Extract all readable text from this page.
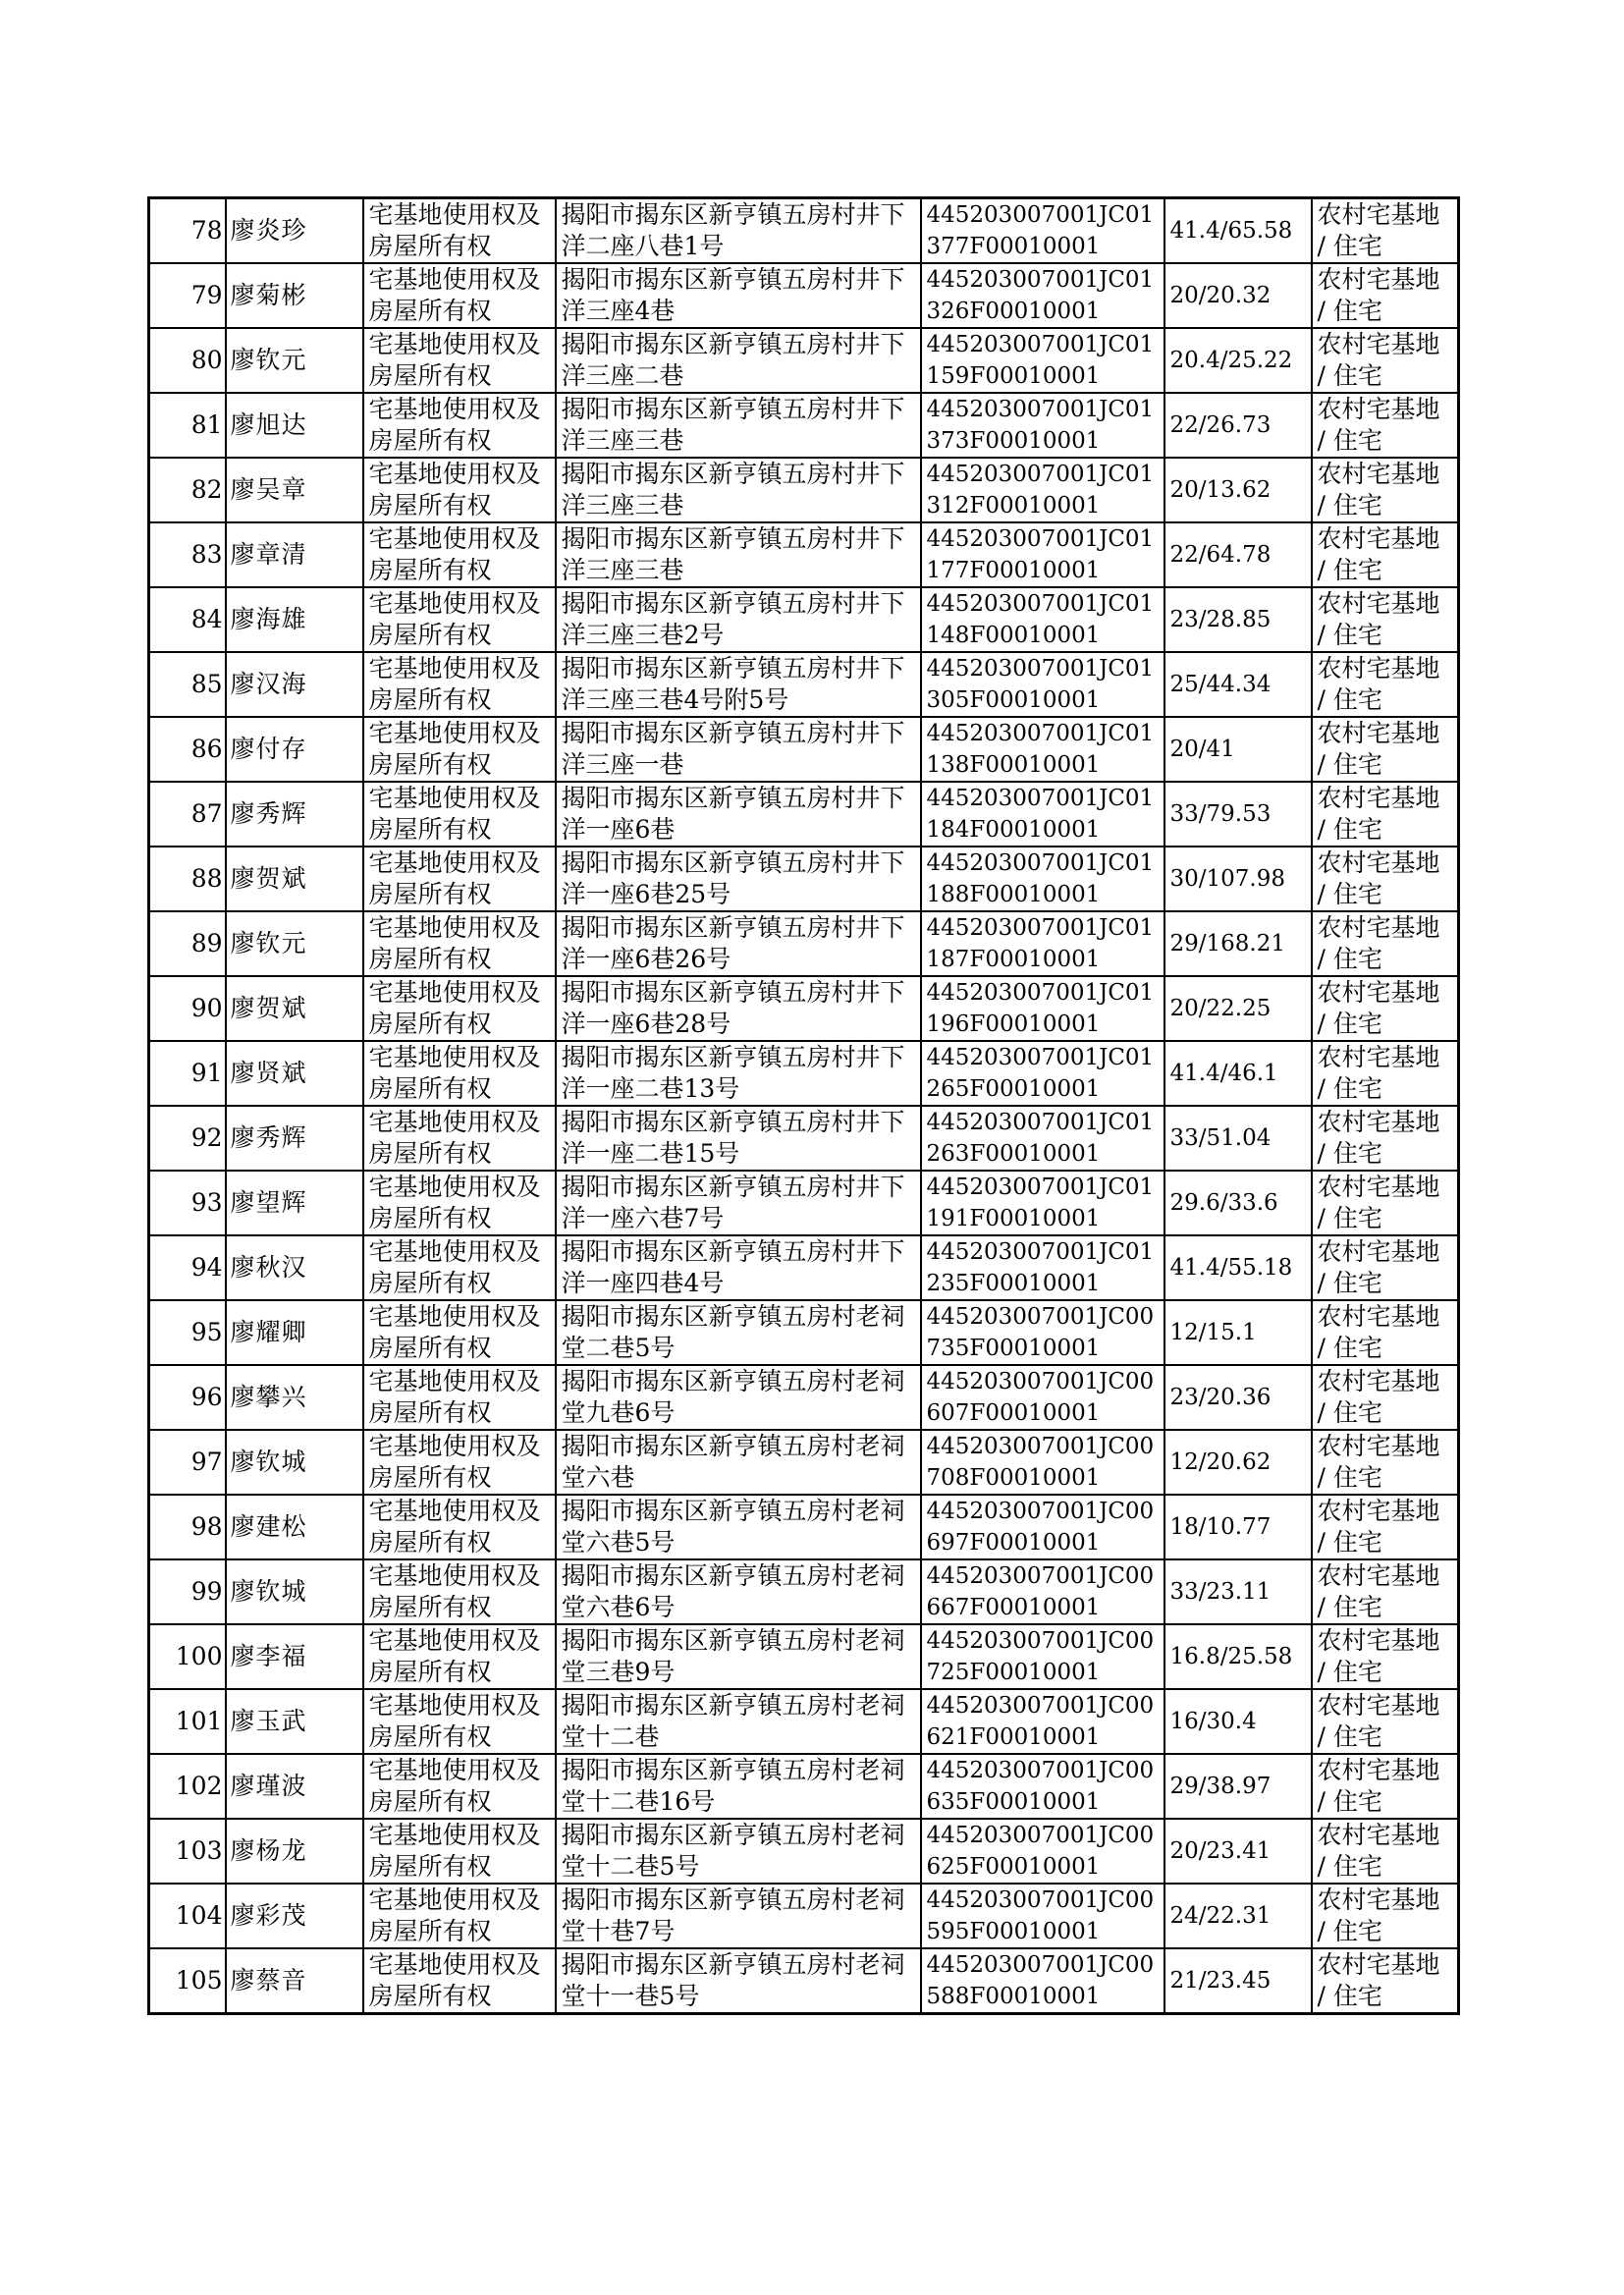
78	廖炎珍	宅基地使用权及房屋所有权	揭阳市揭东区新亨镇五房村井下洋二座八巷1号	445203007001JC01377F00010001	41.4/65.58	农村宅基地 / 住宅
79	廖菊彬	宅基地使用权及房屋所有权	揭阳市揭东区新亨镇五房村井下洋三座4巷	445203007001JC01326F00010001	20/20.32	农村宅基地 / 住宅
80	廖钦元	宅基地使用权及房屋所有权	揭阳市揭东区新亨镇五房村井下洋三座二巷	445203007001JC01159F00010001	20.4/25.22	农村宅基地 / 住宅
81	廖旭达	宅基地使用权及房屋所有权	揭阳市揭东区新亨镇五房村井下洋三座三巷	445203007001JC01373F00010001	22/26.73	农村宅基地 / 住宅
82	廖吴章	宅基地使用权及房屋所有权	揭阳市揭东区新亨镇五房村井下洋三座三巷	445203007001JC01312F00010001	20/13.62	农村宅基地 / 住宅
83	廖章清	宅基地使用权及房屋所有权	揭阳市揭东区新亨镇五房村井下洋三座三巷	445203007001JC01177F00010001	22/64.78	农村宅基地 / 住宅
84	廖海雄	宅基地使用权及房屋所有权	揭阳市揭东区新亨镇五房村井下洋三座三巷2号	445203007001JC01148F00010001	23/28.85	农村宅基地 / 住宅
85	廖汉海	宅基地使用权及房屋所有权	揭阳市揭东区新亨镇五房村井下洋三座三巷4号附5号	445203007001JC01305F00010001	25/44.34	农村宅基地 / 住宅
86	廖付存	宅基地使用权及房屋所有权	揭阳市揭东区新亨镇五房村井下洋三座一巷	445203007001JC01138F00010001	20/41	农村宅基地 / 住宅
87	廖秀辉	宅基地使用权及房屋所有权	揭阳市揭东区新亨镇五房村井下洋一座6巷	445203007001JC01184F00010001	33/79.53	农村宅基地 / 住宅
88	廖贺斌	宅基地使用权及房屋所有权	揭阳市揭东区新亨镇五房村井下洋一座6巷25号	445203007001JC01188F00010001	30/107.98	农村宅基地 / 住宅
89	廖钦元	宅基地使用权及房屋所有权	揭阳市揭东区新亨镇五房村井下洋一座6巷26号	445203007001JC01187F00010001	29/168.21	农村宅基地 / 住宅
90	廖贺斌	宅基地使用权及房屋所有权	揭阳市揭东区新亨镇五房村井下洋一座6巷28号	445203007001JC01196F00010001	20/22.25	农村宅基地 / 住宅
91	廖贤斌	宅基地使用权及房屋所有权	揭阳市揭东区新亨镇五房村井下洋一座二巷13号	445203007001JC01265F00010001	41.4/46.1	农村宅基地 / 住宅
92	廖秀辉	宅基地使用权及房屋所有权	揭阳市揭东区新亨镇五房村井下洋一座二巷15号	445203007001JC01263F00010001	33/51.04	农村宅基地 / 住宅
93	廖望辉	宅基地使用权及房屋所有权	揭阳市揭东区新亨镇五房村井下洋一座六巷7号	445203007001JC01191F00010001	29.6/33.6	农村宅基地 / 住宅
94	廖秋汉	宅基地使用权及房屋所有权	揭阳市揭东区新亨镇五房村井下洋一座四巷4号	445203007001JC01235F00010001	41.4/55.18	农村宅基地 / 住宅
95	廖耀卿	宅基地使用权及房屋所有权	揭阳市揭东区新亨镇五房村老祠堂二巷5号	445203007001JC00735F00010001	12/15.1	农村宅基地 / 住宅
96	廖攀兴	宅基地使用权及房屋所有权	揭阳市揭东区新亨镇五房村老祠堂九巷6号	445203007001JC00607F00010001	23/20.36	农村宅基地 / 住宅
97	廖钦城	宅基地使用权及房屋所有权	揭阳市揭东区新亨镇五房村老祠堂六巷	445203007001JC00708F00010001	12/20.62	农村宅基地 / 住宅
98	廖建松	宅基地使用权及房屋所有权	揭阳市揭东区新亨镇五房村老祠堂六巷5号	445203007001JC00697F00010001	18/10.77	农村宅基地 / 住宅
99	廖钦城	宅基地使用权及房屋所有权	揭阳市揭东区新亨镇五房村老祠堂六巷6号	445203007001JC00667F00010001	33/23.11	农村宅基地 / 住宅
100	廖李福	宅基地使用权及房屋所有权	揭阳市揭东区新亨镇五房村老祠堂三巷9号	445203007001JC00725F00010001	16.8/25.58	农村宅基地 / 住宅
101	廖玉武	宅基地使用权及房屋所有权	揭阳市揭东区新亨镇五房村老祠堂十二巷	445203007001JC00621F00010001	16/30.4	农村宅基地 / 住宅
102	廖瑾波	宅基地使用权及房屋所有权	揭阳市揭东区新亨镇五房村老祠堂十二巷16号	445203007001JC00635F00010001	29/38.97	农村宅基地 / 住宅
103	廖杨龙	宅基地使用权及房屋所有权	揭阳市揭东区新亨镇五房村老祠堂十二巷5号	445203007001JC00625F00010001	20/23.41	农村宅基地 / 住宅
104	廖彩茂	宅基地使用权及房屋所有权	揭阳市揭东区新亨镇五房村老祠堂十巷7号	445203007001JC00595F00010001	24/22.31	农村宅基地 / 住宅
105	廖蔡音	宅基地使用权及房屋所有权	揭阳市揭东区新亨镇五房村老祠堂十一巷5号	445203007001JC00588F00010001	21/23.45	农村宅基地 / 住宅
